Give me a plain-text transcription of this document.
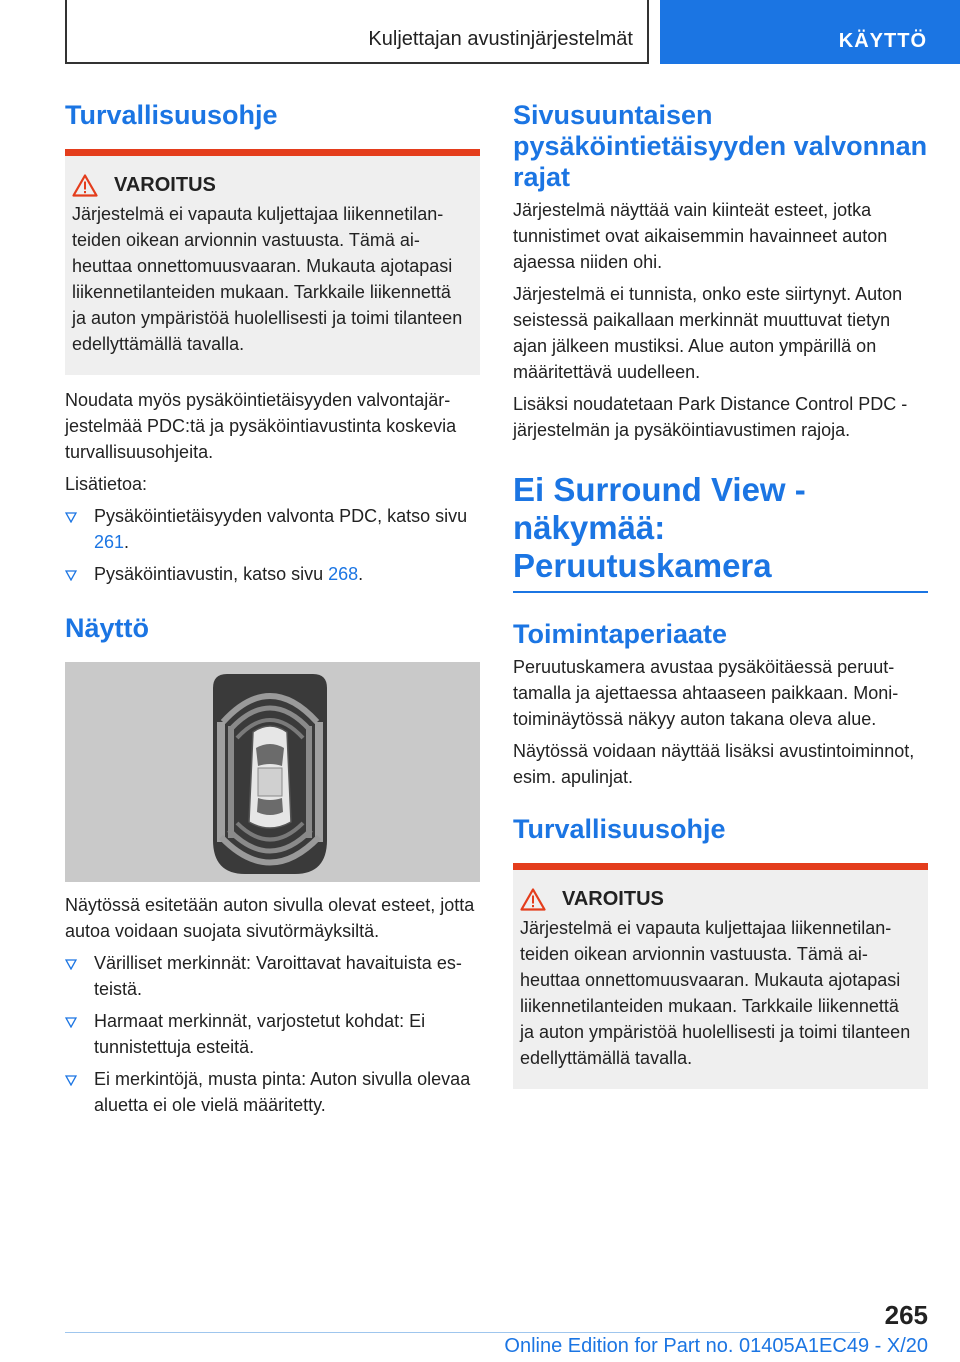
Kuljettajan avustinjärjestelmät	KÄYTTÖ
Turvallisuusohje
VAROITUS

Järjestelmä ei vapauta kuljettajaa liikennetilanteiden oikean arvionnin vastuusta. Tämä aiheuttaa onnettomuusvaaran. Mukauta ajotapasi liikennetilanteiden mukaan. Tarkkaile liikennettä ja auton ympäristöä huolellisesti ja toimi tilanteen edellyttämällä tavalla.

Noudata myös pysäköintietäisyyden valvontajärjestelmää PDC:tä ja pysäköintiavustinta koskevia turvallisuusohjeita.

Lisätietoa:

Pysäköintietäisyyden valvonta PDC, katso sivu 261.
Pysäköintiavustin, katso sivu 268.
Näyttö

Näytössä esitetään auton sivulla olevat esteet, jotta autoa voidaan suojata sivutörmäyksiltä.

Värilliset merkinnät: Varoittavat havaituista esteistä.
Harmaat merkinnät, varjostetut kohdat: Ei tunnistettuja esteitä.
Ei merkintöjä, musta pinta: Auton sivulla olevaa aluetta ei ole vielä määritetty.
Sivusuuntaisen pysäköintietäisyyden valvonnan rajat

Järjestelmä näyttää vain kiinteät esteet, jotka tunnistimet ovat aikaisemmin havainneet auton ajaessa niiden ohi.

Järjestelmä ei tunnista, onko este siirtynyt. Auton seistessä paikallaan merkinnät muuttuvat tietyn ajan jälkeen mustiksi. Alue auton ympärillä on määritettävä uudelleen.

Lisäksi noudatetaan Park Distance Control PDC -järjestelmän ja pysäköintiavustimen rajoja.

Ei Surround View -näkymää: Peruutuskamera
Toimintaperiaate

Peruutuskamera avustaa pysäköitäessä peruuttamalla ja ajettaessa ahtaaseen paikkaan. Monitoiminäytössä näkyy auton takana oleva alue.

Näytössä voidaan näyttää lisäksi avustintoiminnot, esim. apulinjat.

Turvallisuusohje
VAROITUS

Järjestelmä ei vapauta kuljettajaa liikennetilanteiden oikean arvionnin vastuusta. Tämä aiheuttaa onnettomuusvaaran. Mukauta ajotapasi liikennetilanteiden mukaan. Tarkkaile liikennettä ja auton ympäristöä huolellisesti ja toimi tilanteen edellyttämällä tavalla.

265
Online Edition for Part no. 01405A1EC49 - X/20
